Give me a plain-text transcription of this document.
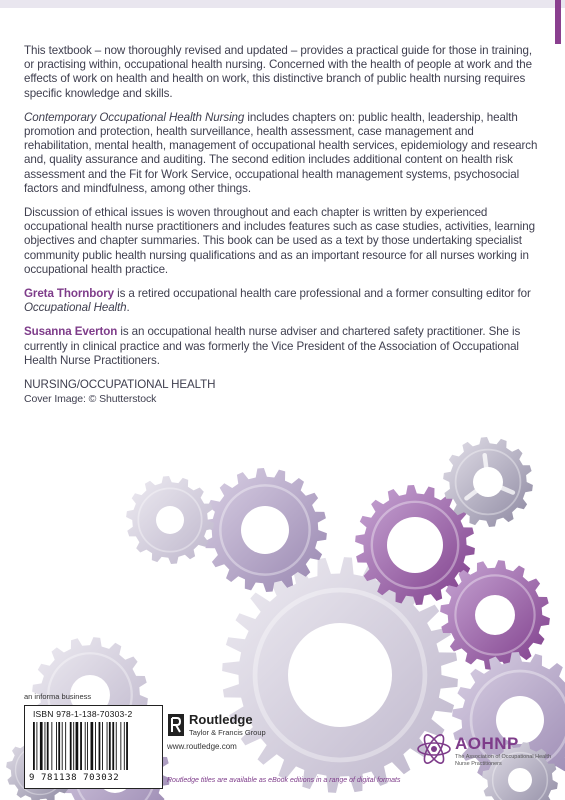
This textbook – now thoroughly revised and updated – provides a practical guide for those in training, or practising within, occupational health nursing. Concerned with the health of people at work and the effects of work on health and health on work, this distinctive branch of public health nursing requires specific knowledge and skills.

Contemporary Occupational Health Nursing includes chapters on: public health, leadership, health promotion and protection, health surveillance, health assessment, case management and rehabilitation, mental health, management of occupational health services, epidemiology and research and, quality assurance and auditing. The second edition includes additional content on health risk assessment and the Fit for Work Service, occupational health management systems, psychosocial factors and mindfulness, among other things.

Discussion of ethical issues is woven throughout and each chapter is written by experienced occupational health nurse practitioners and includes features such as case studies, activities, learning objectives and chapter summaries. This book can be used as a text by those undertaking specialist community public health nursing qualifications and as an important resource for all nurses working in occupational health practice.

Greta Thornbory is a retired occupational health care professional and a former consulting editor for Occupational Health.

Susanna Everton is an occupational health nurse adviser and chartered safety practitioner. She is currently in clinical practice and was formerly the Vice President of the Association of Occupational Health Nurse Practitioners.

NURSING/OCCUPATIONAL HEALTH
Cover Image: © Shutterstock
an informa business
ISBN 978-1-138-70303-2
9 781138 703032
Routledge
Taylor & Francis Group
www.routledge.com
Routledge titles are available as eBook editions in a range of digital formats
AOHNP
The Association of Occupational Health Nurse Practitioners
